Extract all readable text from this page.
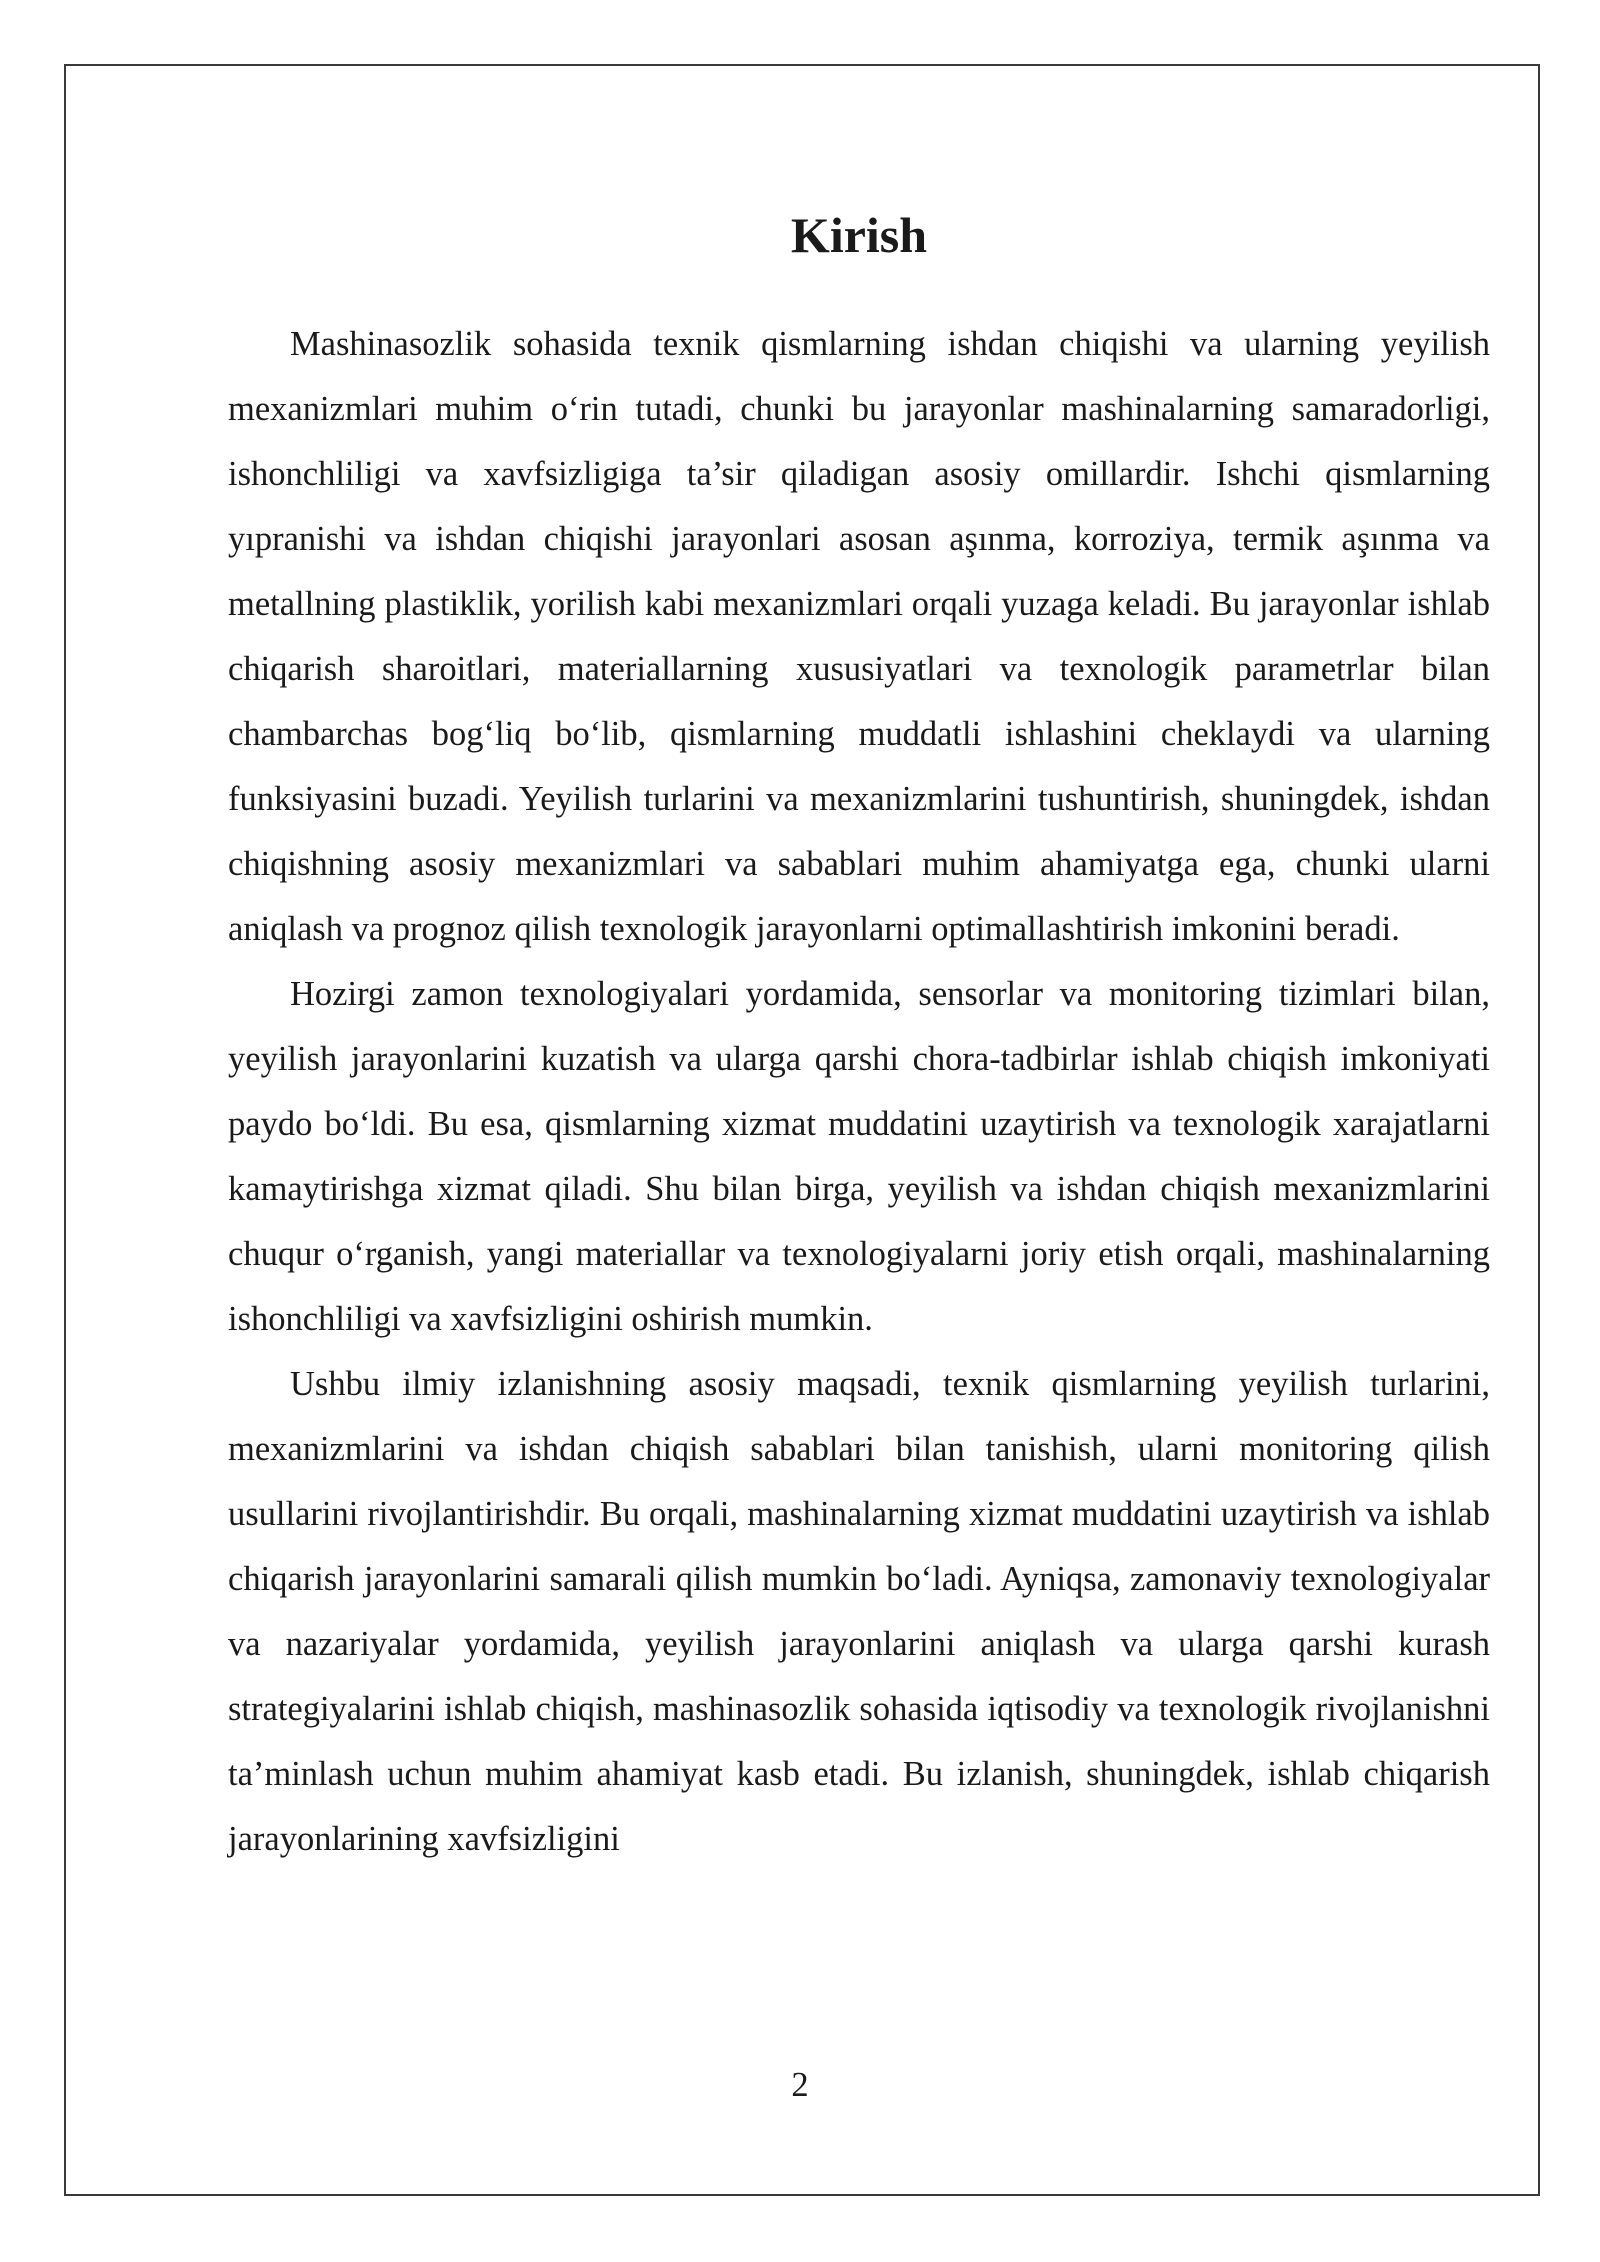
Kirish

Mashinasozlik sohasida texnik qismlarning ishdan chiqishi va ularning yeyilish mexanizmlari muhim o‘rin tutadi, chunki bu jarayonlar mashinalarning samaradorligi, ishonchliligi va xavfsizligiga ta’sir qiladigan asosiy omillardir. Ishchi qismlarning yıpranishi va ishdan chiqishi jarayonlari asosan aşınma, korroziya, termik aşınma va metallning plastiklik, yorilish kabi mexanizmlari orqali yuzaga keladi. Bu jarayonlar ishlab chiqarish sharoitlari, materiallarning xususiyatlari va texnologik parametrlar bilan chambarchas bog‘liq bo‘lib, qismlarning muddatli ishlashini cheklaydi va ularning funksiyasini buzadi. Yeyilish turlarini va mexanizmlarini tushuntirish, shuningdek, ishdan chiqishning asosiy mexanizmlari va sabablari muhim ahamiyatga ega, chunki ularni aniqlash va prognoz qilish texnologik jarayonlarni optimallashtirish imkonini beradi.

Hozirgi zamon texnologiyalari yordamida, sensorlar va monitoring tizimlari bilan, yeyilish jarayonlarini kuzatish va ularga qarshi chora-tadbirlar ishlab chiqish imkoniyati paydo bo‘ldi. Bu esa, qismlarning xizmat muddatini uzaytirish va texnologik xarajatlarni kamaytirishga xizmat qiladi. Shu bilan birga, yeyilish va ishdan chiqish mexanizmlarini chuqur o‘rganish, yangi materiallar va texnologiyalarni joriy etish orqali, mashinalarning ishonchliligi va xavfsizligini oshirish mumkin.

Ushbu ilmiy izlanishning asosiy maqsadi, texnik qismlarning yeyilish turlarini, mexanizmlarini va ishdan chiqish sabablari bilan tanishish, ularni monitoring qilish usullarini rivojlantirishdir. Bu orqali, mashinalarning xizmat muddatini uzaytirish va ishlab chiqarish jarayonlarini samarali qilish mumkin bo‘ladi. Ayniqsa, zamonaviy texnologiyalar va nazariyalar yordamida, yeyilish jarayonlarini aniqlash va ularga qarshi kurash strategiyalarini ishlab chiqish, mashinasozlik sohasida iqtisodiy va texnologik rivojlanishni ta’minlash uchun muhim ahamiyat kasb etadi. Bu izlanish, shuningdek, ishlab chiqarish jarayonlarining xavfsizligini

2
